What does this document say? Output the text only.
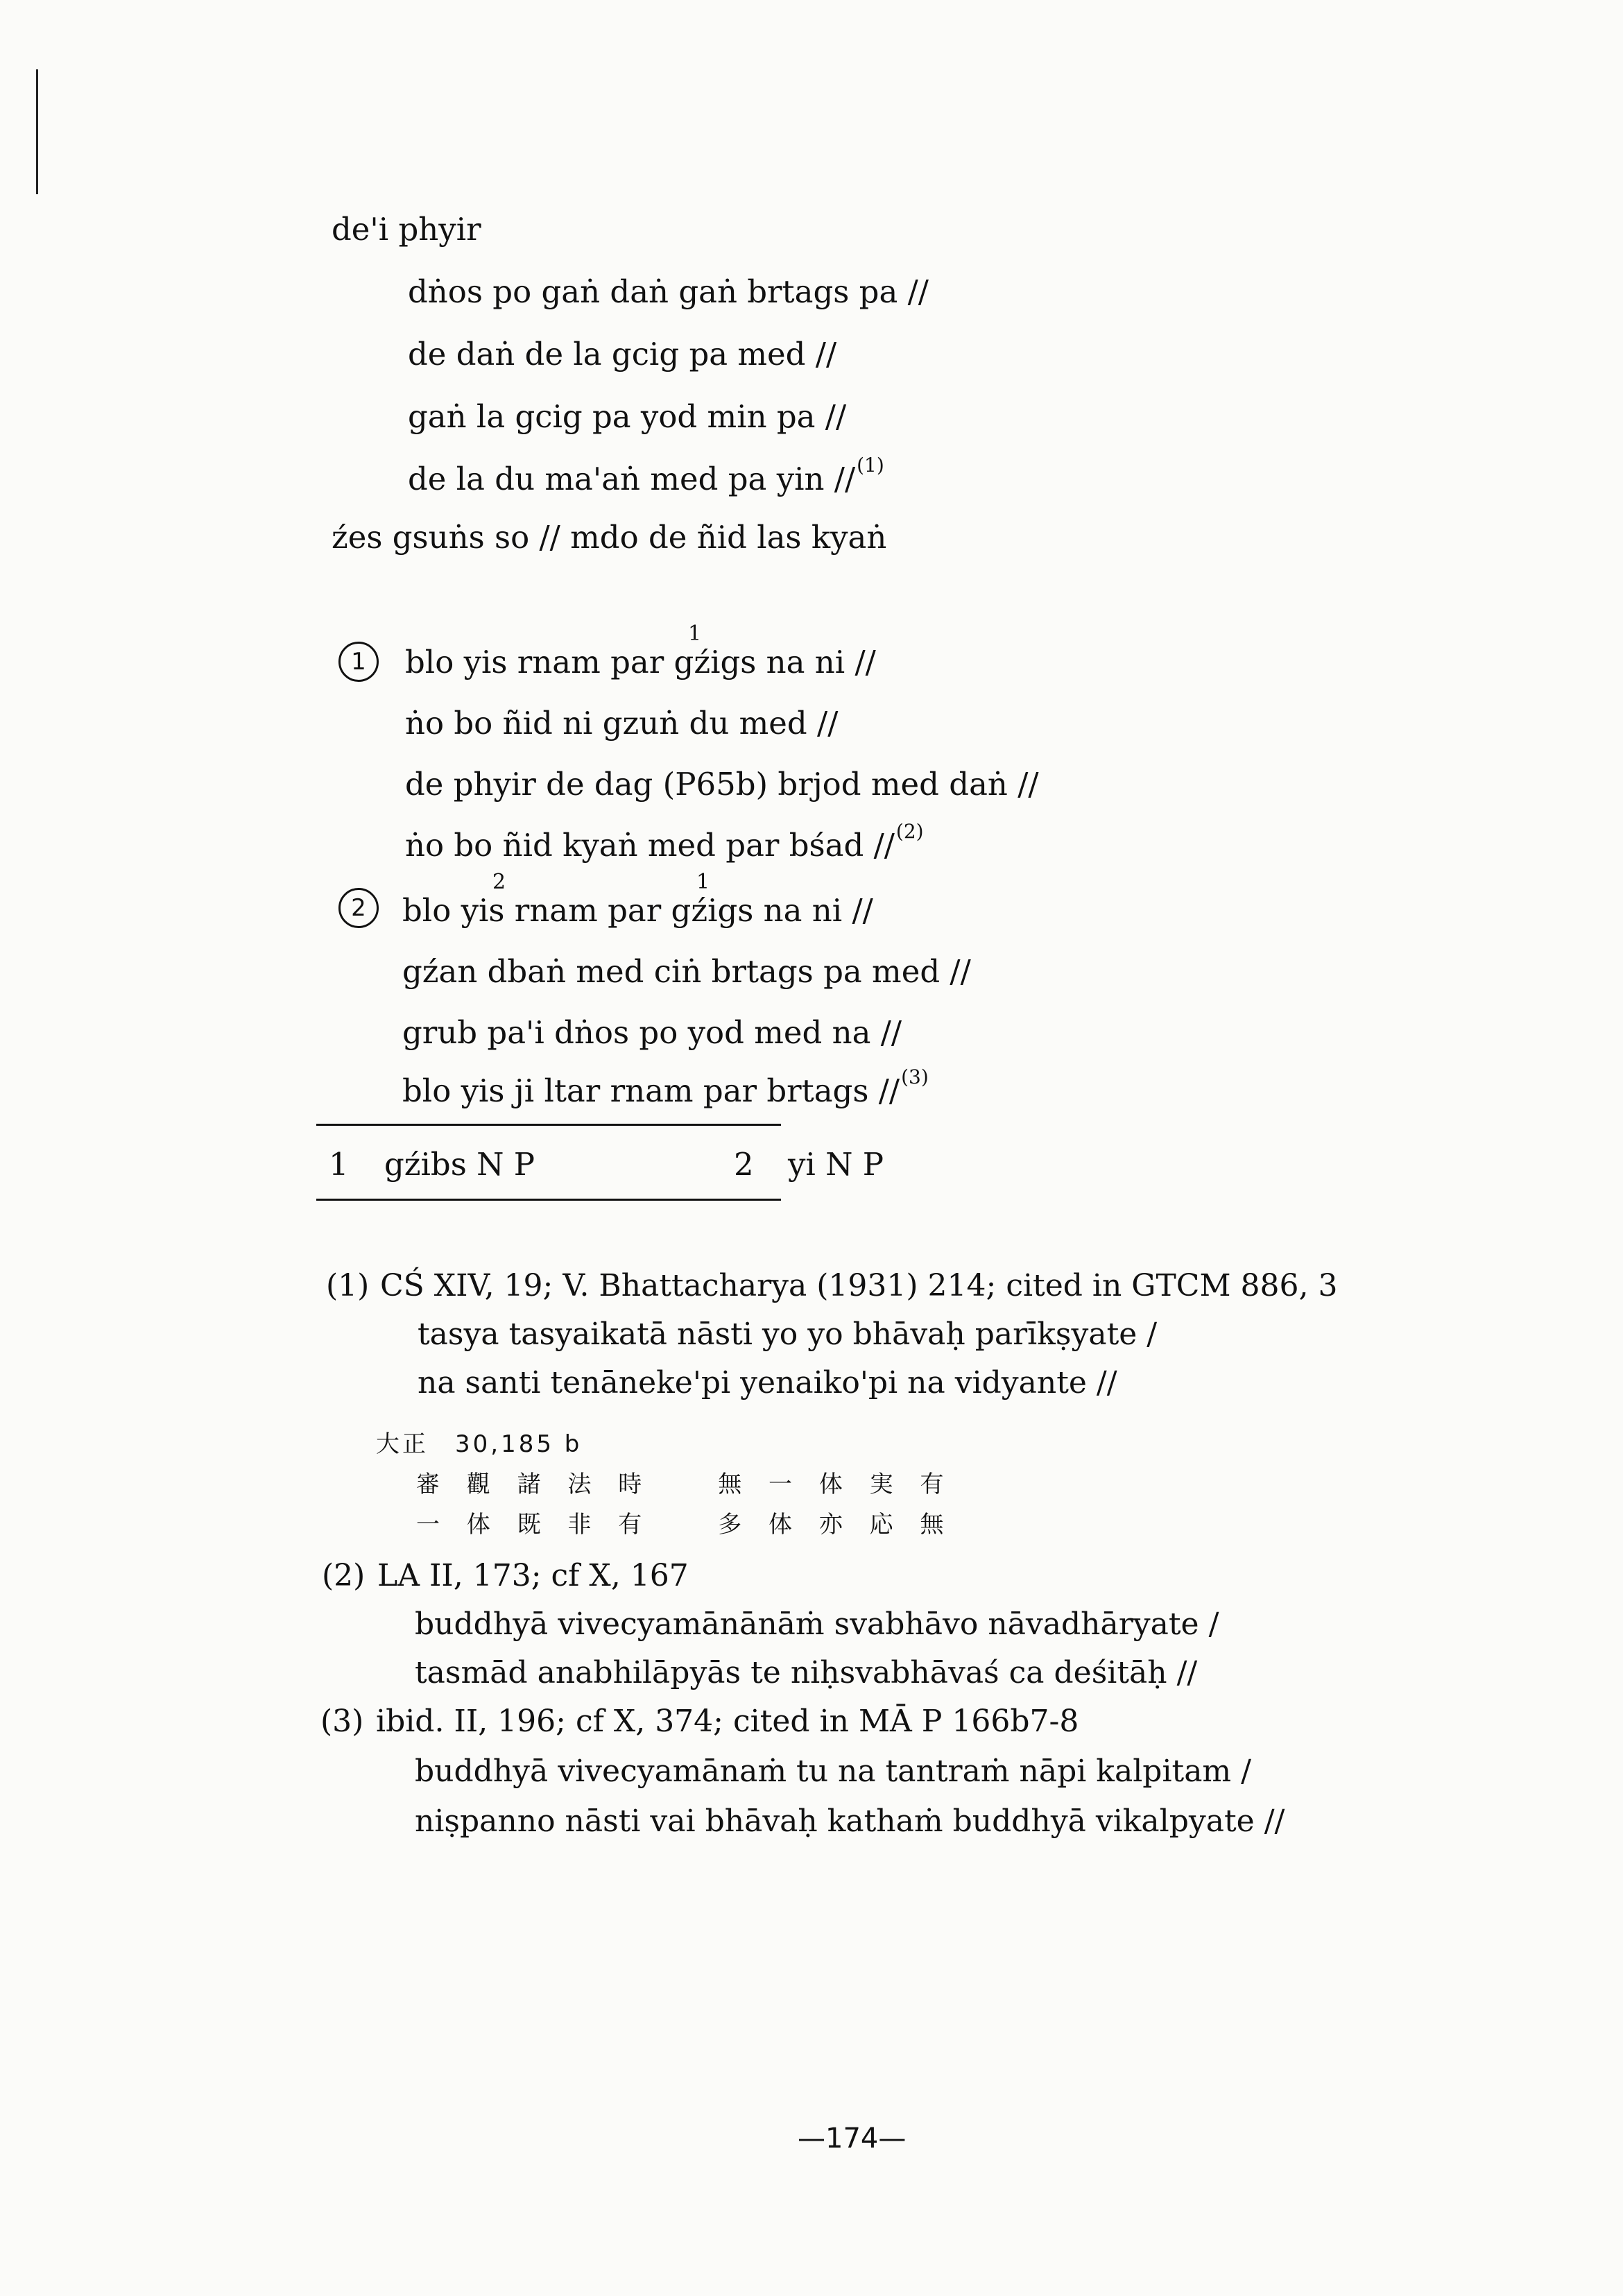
de'i phyir
dṅos po gaṅ daṅ gaṅ brtags pa //
de daṅ de la gcig pa med //
gaṅ la gcig pa yod min pa //
de la du ma'aṅ med pa yin //$^{(1)}$
źes gsuṅs so // mdo de ñid las kyaṅ
1
1
blo yis rnam par gźigs na ni //
ṅo bo ñid ni gzuṅ du med //
de phyir de dag (P65b) brjod med daṅ //
ṅo bo ñid kyaṅ med par bśad //$^{(2)}$
2
2	1
blo yis rnam par gźigs na ni //
gźan dbaṅ med ciṅ brtags pa med //
grub pa'i dṅos po yod med na //
blo yis ji ltar rnam par brtags //$^{(3)}$
1 gźibs N P	2 yi N P
(1) CŚ XIV, 19; V. Bhattacharya (1931) 214; cited in GTCM 886, 3
tasya tasyaikatā nāsti yo yo bhāvaḥ parīkṣyate /
na santi tenāneke'pi yenaiko'pi na vidyante //
大正　30,185 b
審 觀 諸 法 時　　無 一 体 実 有
一 体 既 非 有　　多 体 亦 応 無
(2) LA II, 173; cf X, 167
buddhyā vivecyamānānāṁ svabhāvo nāvadhāryate /
tasmād anabhilāpyās te niḥsvabhāvaś ca deśitāḥ //
(3) ibid. II, 196; cf X, 374; cited in MĀ P 166b7-8
buddhyā vivecyamānaṁ tu na tantraṁ nāpi kalpitam /
niṣpanno nāsti vai bhāvaḥ kathaṁ buddhyā vikalpyate //
—174—
